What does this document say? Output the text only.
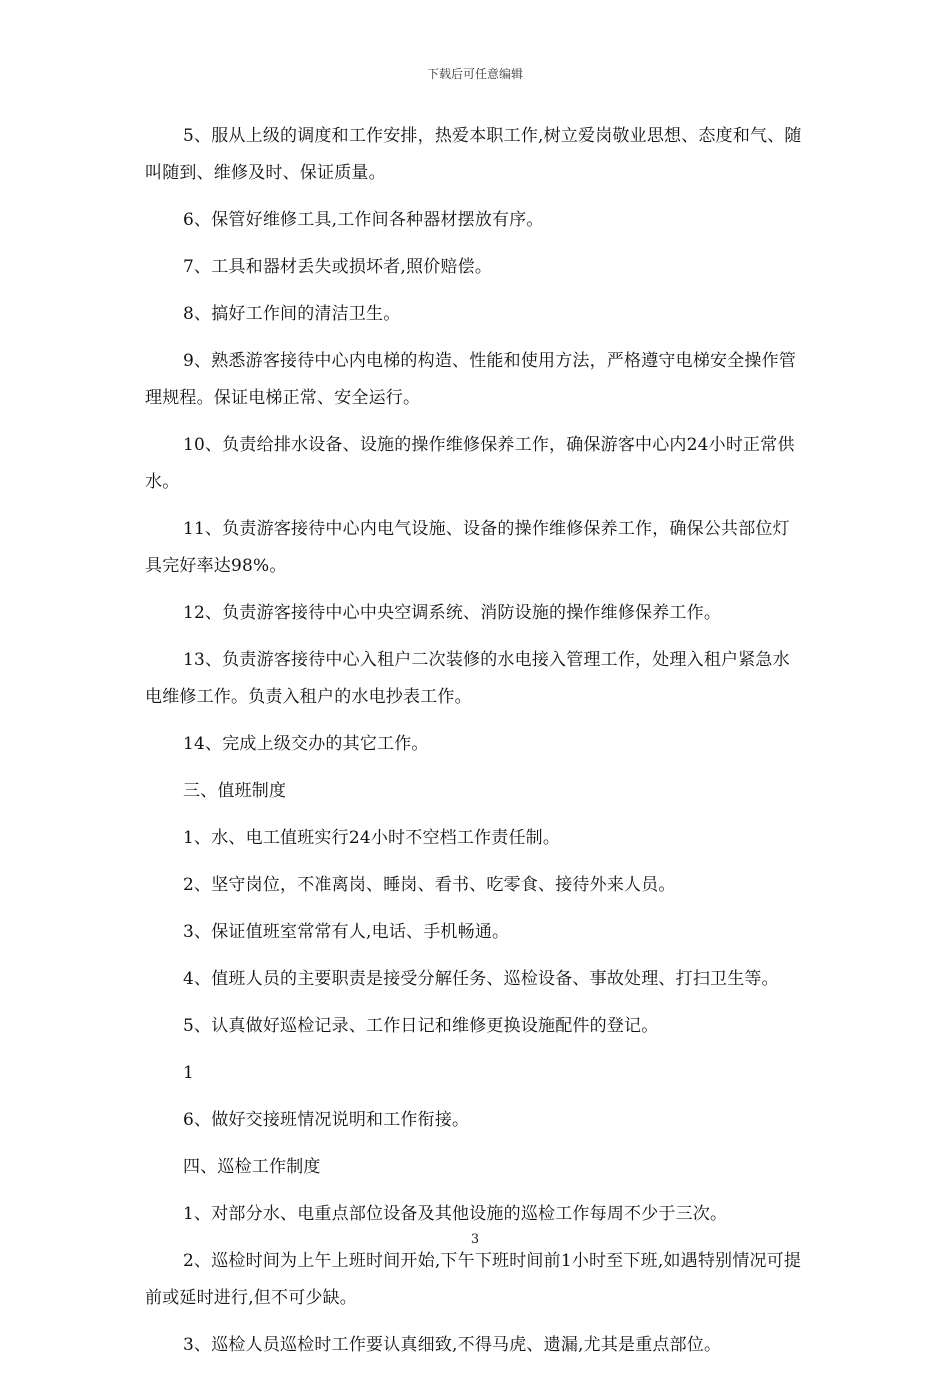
下载后可任意编辑

5、服从上级的调度和工作安排，热爱本职工作,树立爱岗敬业思想、态度和气、随叫随到、维修及时、保证质量。

6、保管好维修工具,工作间各种器材摆放有序。

7、工具和器材丢失或损坏者,照价赔偿。

8、搞好工作间的清洁卫生。

9、熟悉游客接待中心内电梯的构造、性能和使用方法，严格遵守电梯安全操作管理规程。保证电梯正常、安全运行。

10、负责给排水设备、设施的操作维修保养工作，确保游客中心内24小时正常供水。

11、负责游客接待中心内电气设施、设备的操作维修保养工作，确保公共部位灯具完好率达98%。

12、负责游客接待中心中央空调系统、消防设施的操作维修保养工作。

13、负责游客接待中心入租户二次装修的水电接入管理工作，处理入租户紧急水电维修工作。负责入租户的水电抄表工作。

14、完成上级交办的其它工作。

三、值班制度

1、水、电工值班实行24小时不空档工作责任制。

2、坚守岗位，不准离岗、睡岗、看书、吃零食、接待外来人员。

3、保证值班室常常有人,电话、手机畅通。

4、值班人员的主要职责是接受分解任务、巡检设备、事故处理、打扫卫生等。

5、认真做好巡检记录、工作日记和维修更换设施配件的登记。

1

6、做好交接班情况说明和工作衔接。

四、巡检工作制度

1、对部分水、电重点部位设备及其他设施的巡检工作每周不少于三次。

2、巡检时间为上午上班时间开始,下午下班时间前1小时至下班,如遇特别情况可提前或延时进行,但不可少缺。

3、巡检人员巡检时工作要认真细致,不得马虎、遗漏,尤其是重点部位。

3
